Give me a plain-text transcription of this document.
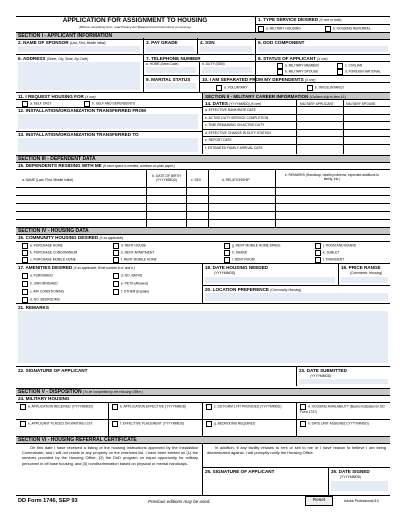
APPLICATION FOR ASSIGNMENT TO HOUSING
(Before completing form, read Privacy Act Statement and Instructions on reverse)
1. TYPE SERVICE DESIRED (X one or both)
a. MILITARY HOUSING	b. HOUSING REFERRAL
SECTION I - APPLICANT INFORMATION
2. NAME OF SPONSOR (Last, First, Middle Initial)	3. PAY GRADE	4. SSN	5. DOD COMPONENT
6. ADDRESS (Street, City, State, Zip Code)	7. TELEPHONE NUMBER
a. HOME (Area Code)	b. DUTY (DSN)
8. STATUS OF APPLICANT (X one)
a. MILITARY MEMBER	c. CIVILIAN
b. MILITARY SPOUSE	d. FOREIGN NATIONAL
9. MARITAL STATUS	10. I AM SEPARATED FROM MY DEPENDENTS (X one)
a. VOLUNTARY	b. INVOLUNTARILY
11. I REQUEST HOUSING FOR (X one)
a. SELF ONLY	b. SELF AND DEPENDENTS
12. INSTALLATION/ORGANIZATION TRANSFERRED FROM
13. INSTALLATION/ORGANIZATION TRANSFERRED TO
SECTION II - MILITARY CAREER INFORMATION (Civilians skip to Item 15.)
14. DATES (YYYYMMDD) (X one)	MILITARY APPLICANT	MILITARY SPOUSE
a. EFFECTIVE RANK/RATE DATE
b. ACTIVE DUTY SERVICE COMPLETION
c. TIME REMAINING ON ACTIVE DUTY
d. EFFECTIVE CHANGE IN DUTY STATION
e. REPORT DATE
f. ESTIMATED FAMILY ARRIVAL DATE
SECTION III - DEPENDENT DATA
15. DEPENDENTS RESIDING WITH ME (If more space is needed, continue on plain paper.)
a. NAME (Last, First, Middle Initial)
b. DATE OF BIRTH (YYYYMMDD)	c. SEX	d. RELATIONSHIP
e. REMARKS (Handicap, health problems, expected additions to family, etc.)
SECTION IV - HOUSING DATA
16. COMMUNITY HOUSING DESIRED (X as applicable)
a. PURCHASE HOME	d. RENT HOUSE	g. RENT MOBILE HOME SPACE	j. ROOM AND BOARD
b. PURCHASE CONDOMINIUM	e. RENT APARTMENT	h. SHARE	k. SUBLET
c. PURCHASE MOBILE HOME	f. RENT MOBILE HOME	i. RENT ROOM	l. TRANSIENT
17. AMENITIES DESIRED (X as applicable; Write number in d. and e.)
a. FURNISHED	d. NO. BATHS
b. UNFURNISHED	e. PETS (Allowed)
c. AIR CONDITIONING	f. OTHER (Explain)
d. NO. BEDROOMS
18. DATE HOUSING NEEDED
(YYYYMMDD)
19. PRICE RANGE
(Comments: Housing)
20. LOCATION PREFERENCE (Community Housing)
21. REMARKS
22. SIGNATURE OF APPLICANT	23. DATE SUBMITTED
(YYYYMMDD)
SECTION V - DISPOSITION (To be completed by the Housing Office.)
24. MILITARY HOUSING
a. APPLICATION RECEIVED (YYYYMMDD)	b. APPLICATION EFFECTIVE (YYYYMMDD)	c. DD FORM 1747 PROVIDED (YYYYMMDD)	d. HOUSING AVAILABILITY (Beano indicated on DD Form 1747)
e. APPLICANT PLACED ON WAITING LIST	f. EFFECTIVE PLACEMENT (YYYYMMDD)	g. BEDROOMS REQUIRED	h. DATE UNIT ASSIGNED (YYYYMMDD)
SECTION VI - HOUSING REFERRAL CERTIFICATE
On this date I have received a listing of the housing instructions approved by the Installation Commander, and I will not reside in any property on the restricted list. I have been briefed on (1) the services provided by the Housing Office, (2) the DoD program on equal opportunity for military personnel in off base housing, and (3) nondiscrimination based on physical or mental handicaps.
In addition, if any facility refuses to rent or sell to me or I have reason to believe I am being discriminated against, I will promptly notify the Housing Office.
25. SIGNATURE OF APPLICANT	26. DATE SIGNED
(YYYYMMDD)
DD Form 1746, SEP 93	Previous editions may be used.	Reset	Adobe Professional 8.0
